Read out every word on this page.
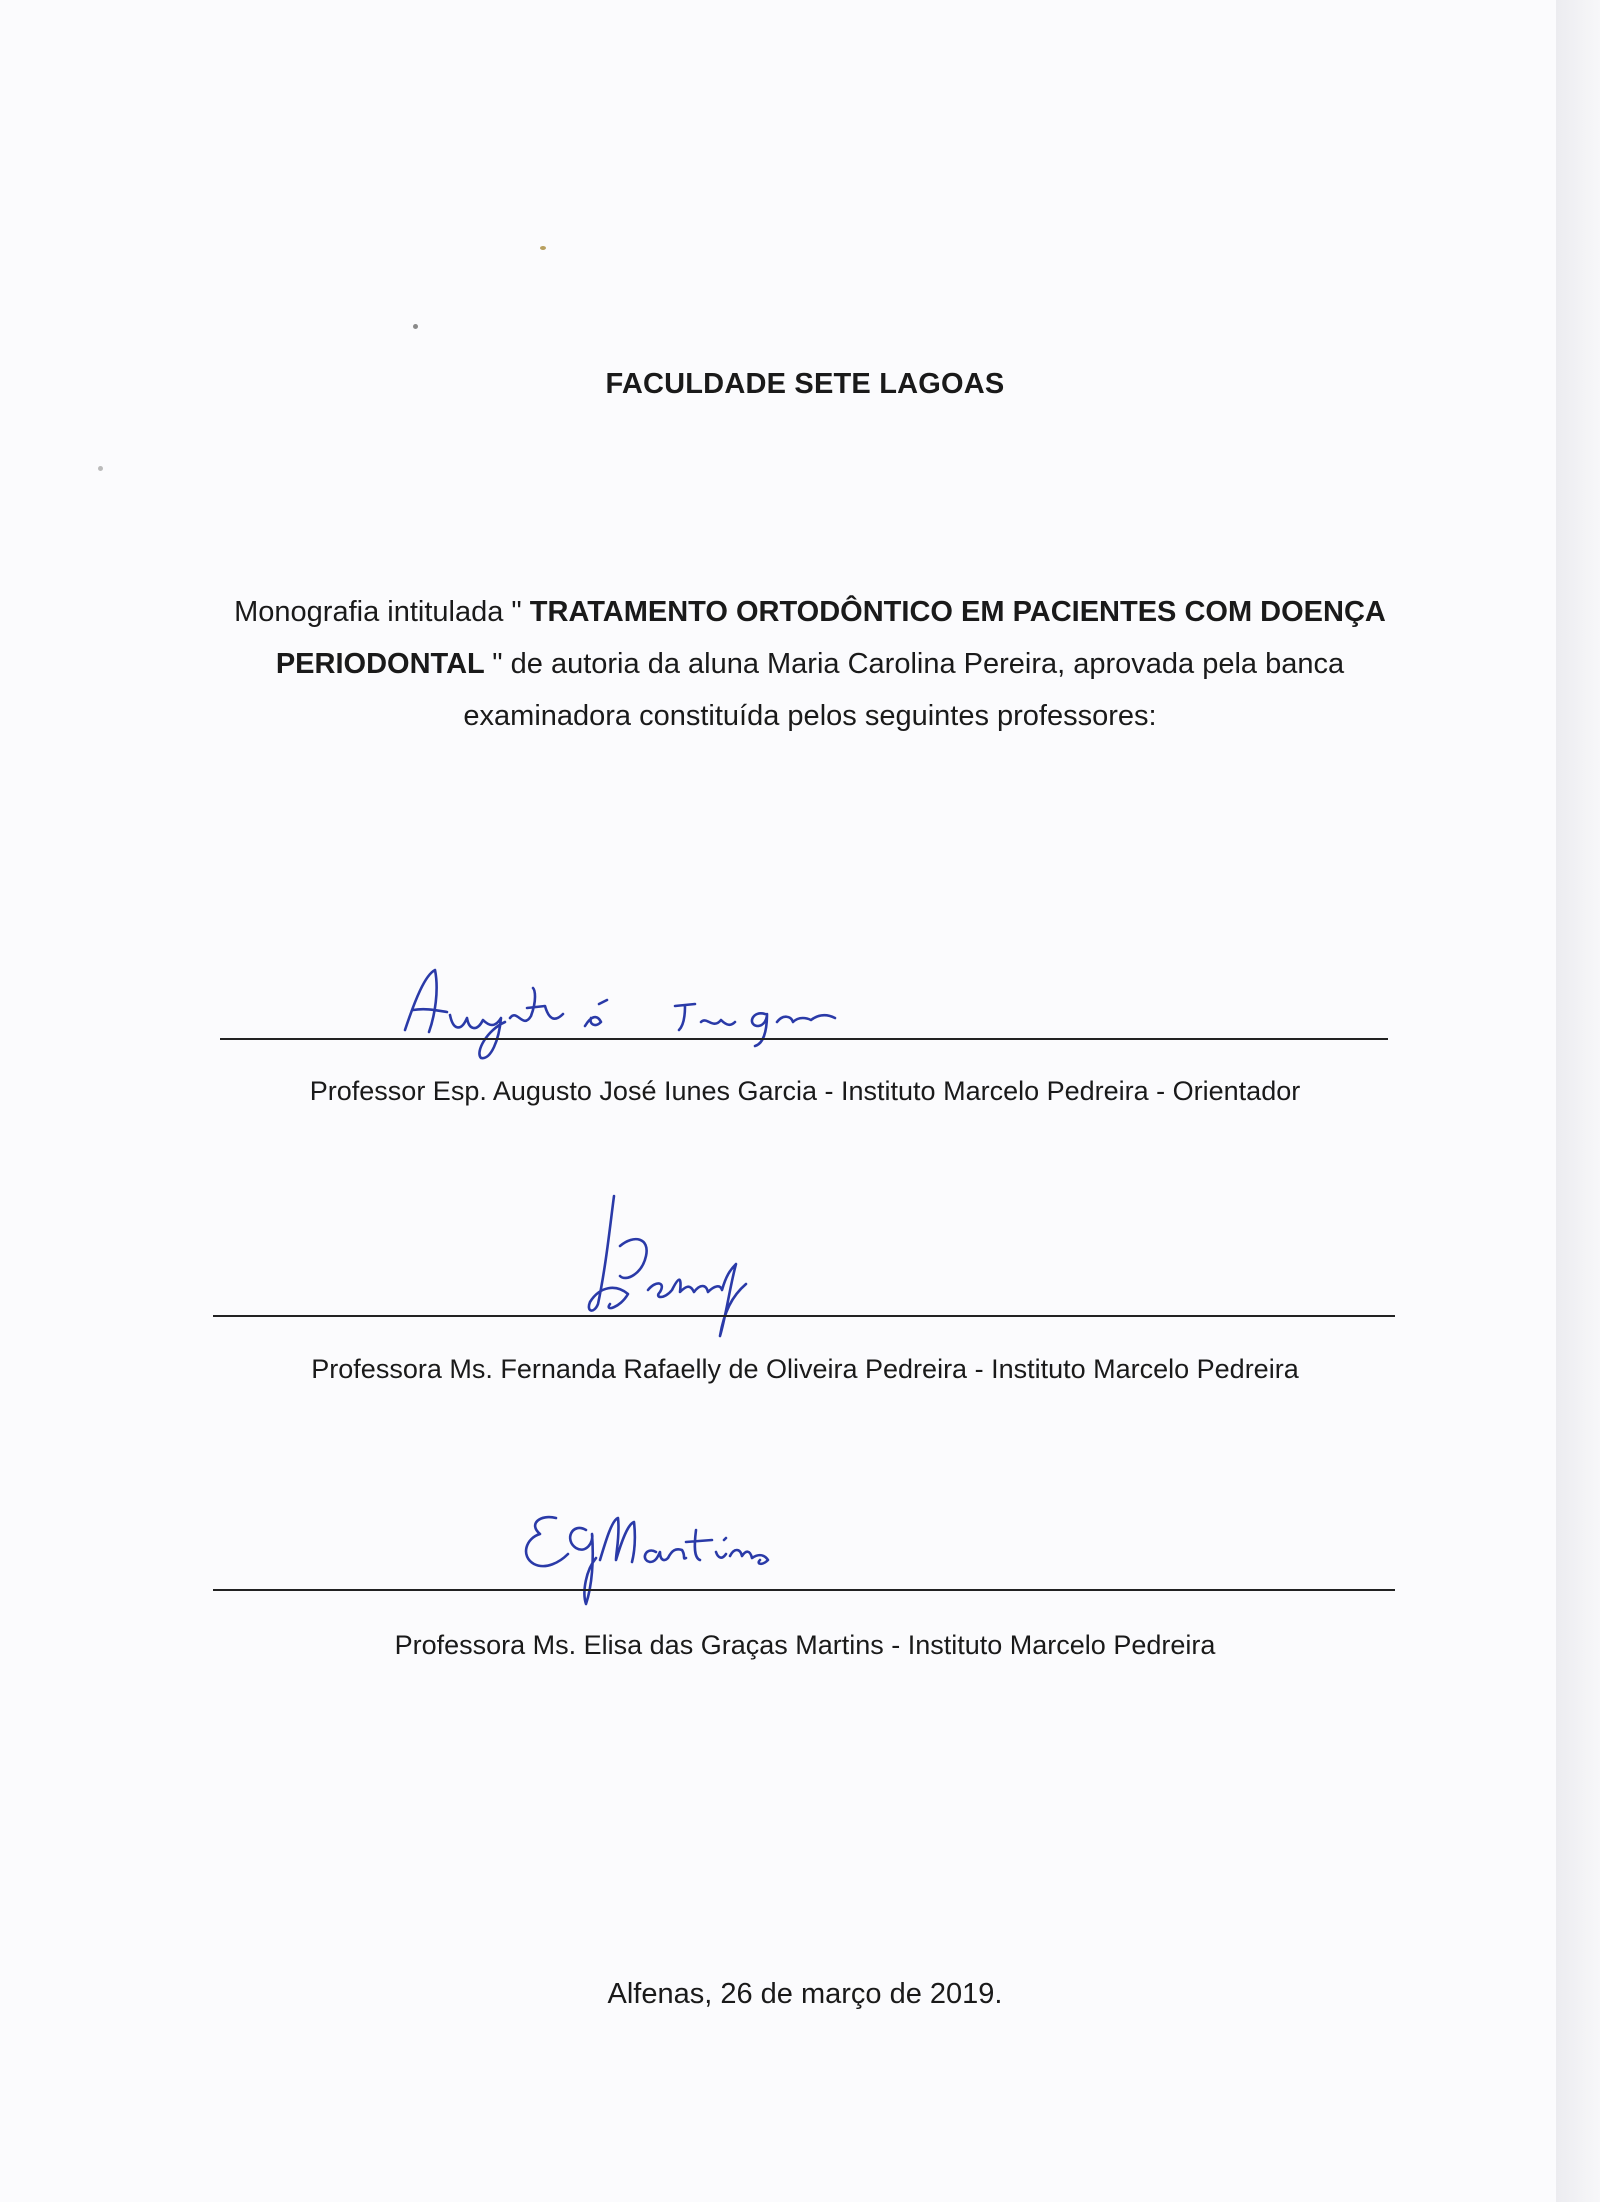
FACULDADE SETE LAGOAS
Monografia intitulada " TRATAMENTO ORTODÔNTICO EM PACIENTES COM DOENÇA PERIODONTAL " de autoria da aluna Maria Carolina Pereira, aprovada pela banca examinadora constituída pelos seguintes professores:
Professor Esp. Augusto José Iunes Garcia - Instituto Marcelo Pedreira - Orientador
Professora Ms. Fernanda Rafaelly de Oliveira Pedreira - Instituto Marcelo Pedreira
Professora Ms. Elisa das Graças Martins - Instituto Marcelo Pedreira
Alfenas, 26 de março de 2019.
